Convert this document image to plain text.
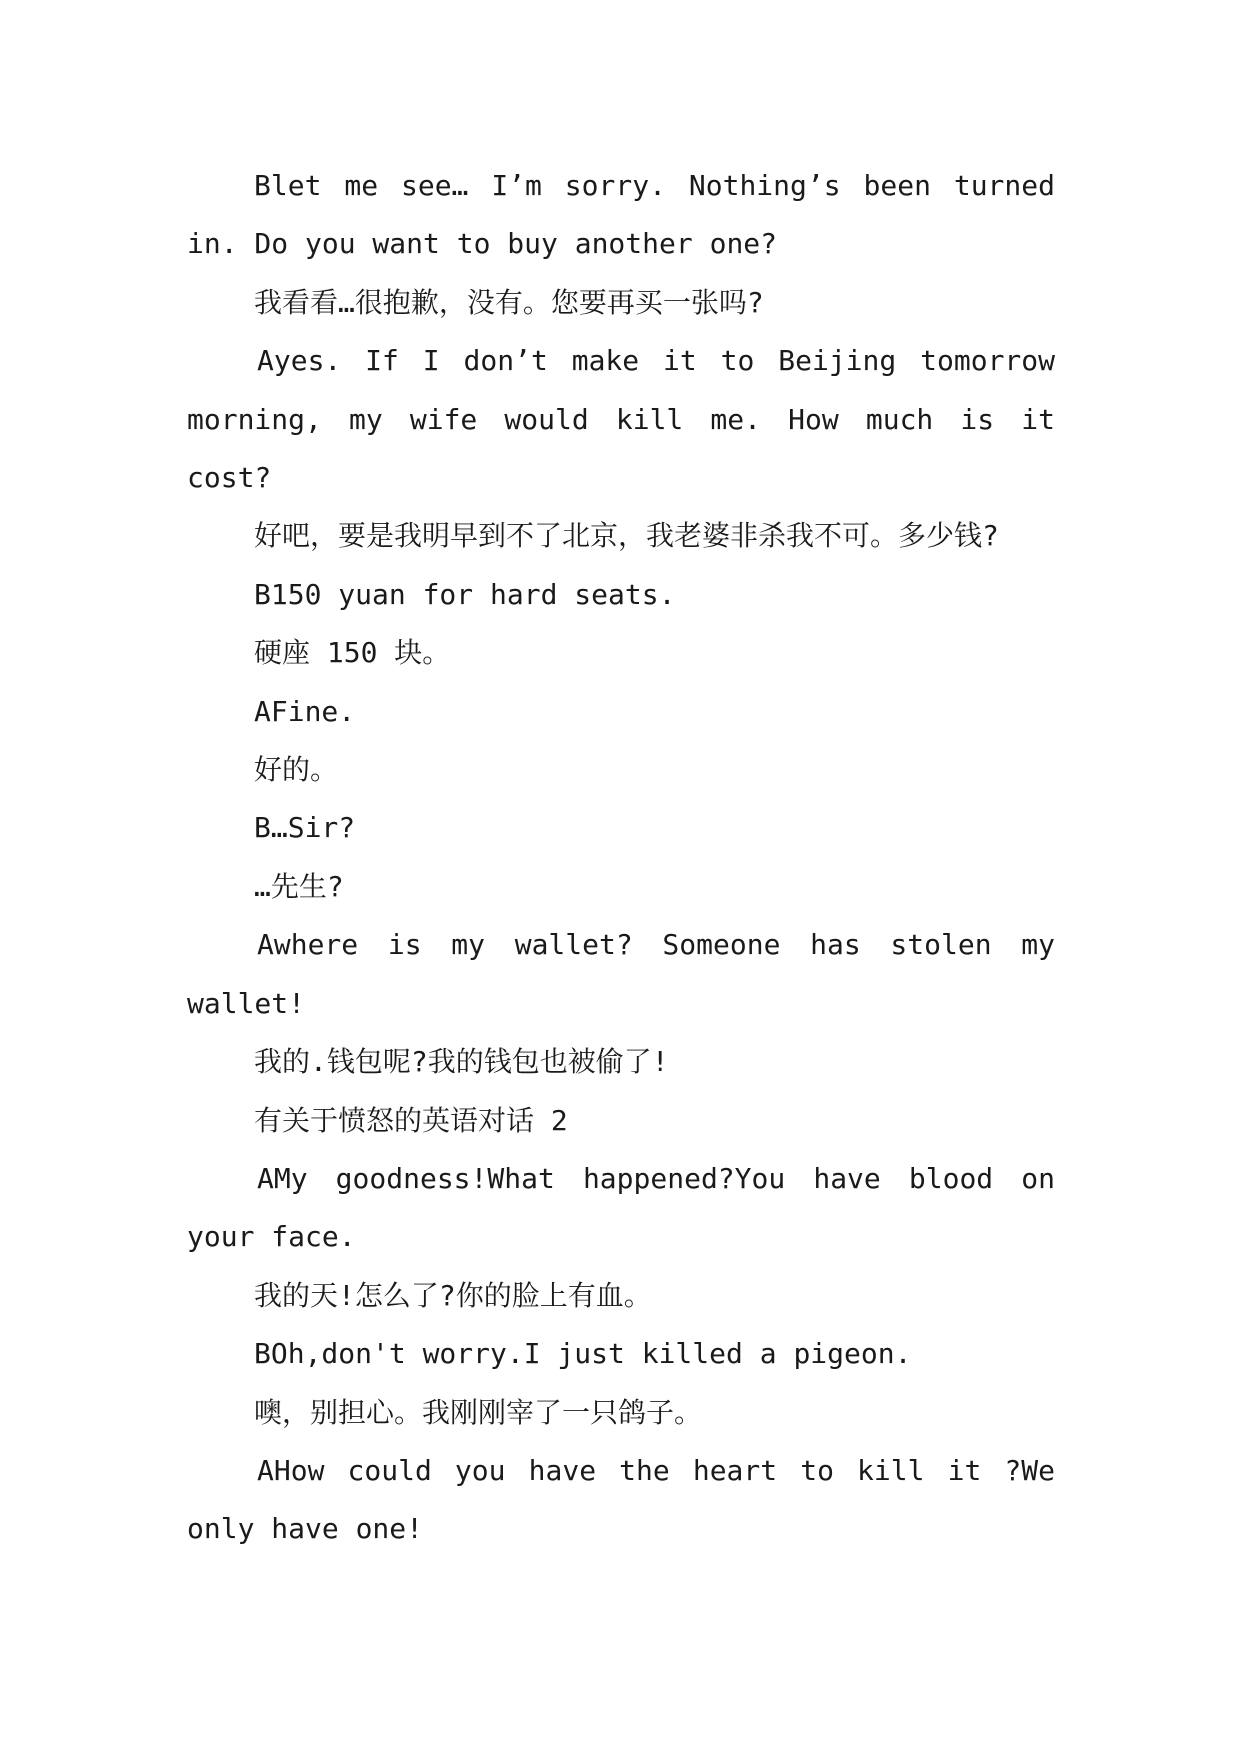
Blet me see… I’m sorry. Nothing’s been turned in. Do you want to buy another one?

我看看…很抱歉，没有。您要再买一张吗?

Ayes. If I don’t make it to Beijing tomorrow morning, my wife would kill me. How much is it cost?

好吧，要是我明早到不了北京，我老婆非杀我不可。多少钱?

B150 yuan for hard seats.

硬座 150 块。

AFine.

好的。

B…Sir?

…先生?

Awhere is my wallet? Someone has stolen my wallet!

我的.钱包呢?我的钱包也被偷了!

有关于愤怒的英语对话 2

AMy goodness!What happened?You have blood on your face.

我的天!怎么了?你的脸上有血。

BOh,don't worry.I just killed a pigeon.

噢，别担心。我刚刚宰了一只鸽子。

AHow could you have the heart to kill it ?We only have one!
